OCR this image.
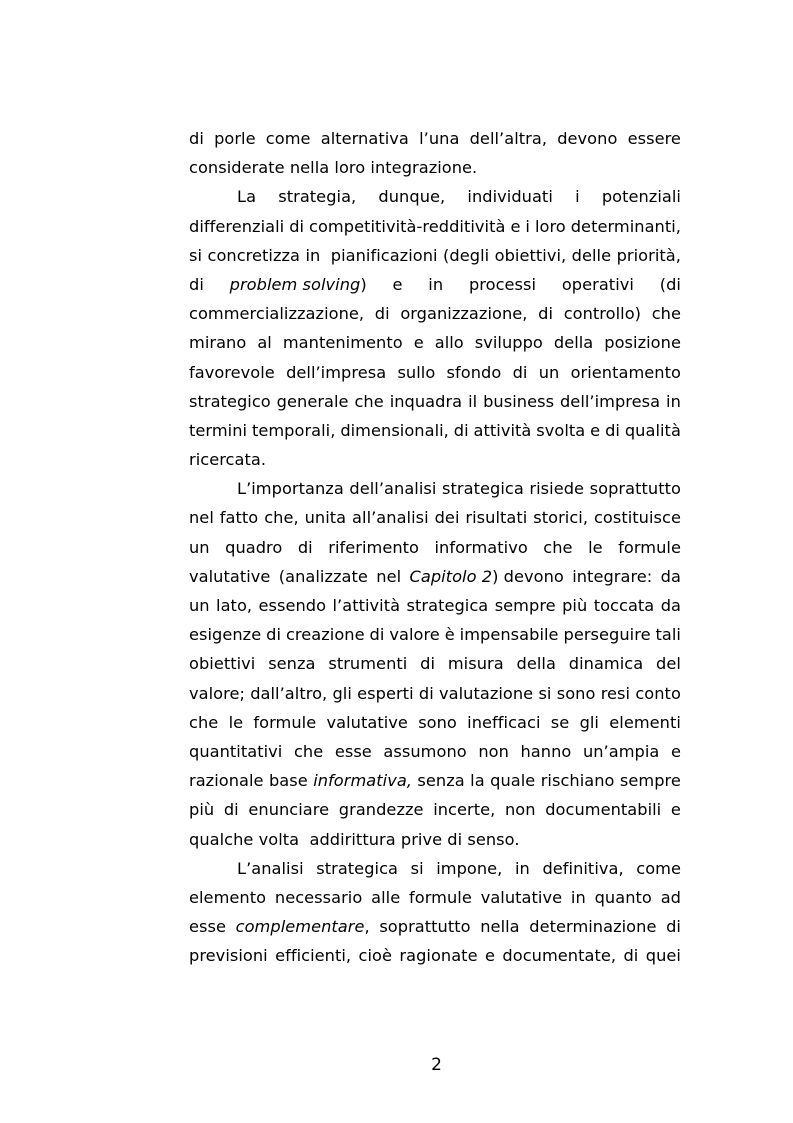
di porle come alternativa l’una dell’altra, devono essere
considerate nella loro integrazione.
La strategia, dunque, individuati i potenziali
differenziali di competitività-redditività e i loro determinanti,
si concretizza in  pianificazioni (degli obiettivi, delle priorità,
di problem solving) e in processi operativi (di
commercializzazione, di organizzazione, di controllo) che
mirano al mantenimento e allo sviluppo della posizione
favorevole dell’impresa sullo sfondo di un orientamento
strategico generale che inquadra il business dell’impresa in
termini temporali, dimensionali, di attività svolta e di qualità
ricercata.
L’importanza dell’analisi strategica risiede soprattutto
nel fatto che, unita all’analisi dei risultati storici, costituisce
un quadro di riferimento informativo che le formule
valutative (analizzate nel Capitolo 2) devono integrare: da
un lato, essendo l’attività strategica sempre più toccata da
esigenze di creazione di valore è impensabile perseguire tali
obiettivi senza strumenti di misura della dinamica del
valore; dall’altro, gli esperti di valutazione si sono resi conto
che le formule valutative sono inefficaci se gli elementi
quantitativi che esse assumono non hanno un’ampia e
razionale base informativa, senza la quale rischiano sempre
più di enunciare grandezze incerte, non documentabili e
qualche volta  addirittura prive di senso.
L’analisi strategica si impone, in definitiva, come
elemento necessario alle formule valutative in quanto ad
esse complementare, soprattutto nella determinazione di
previsioni efficienti, cioè ragionate e documentate, di quei
2
